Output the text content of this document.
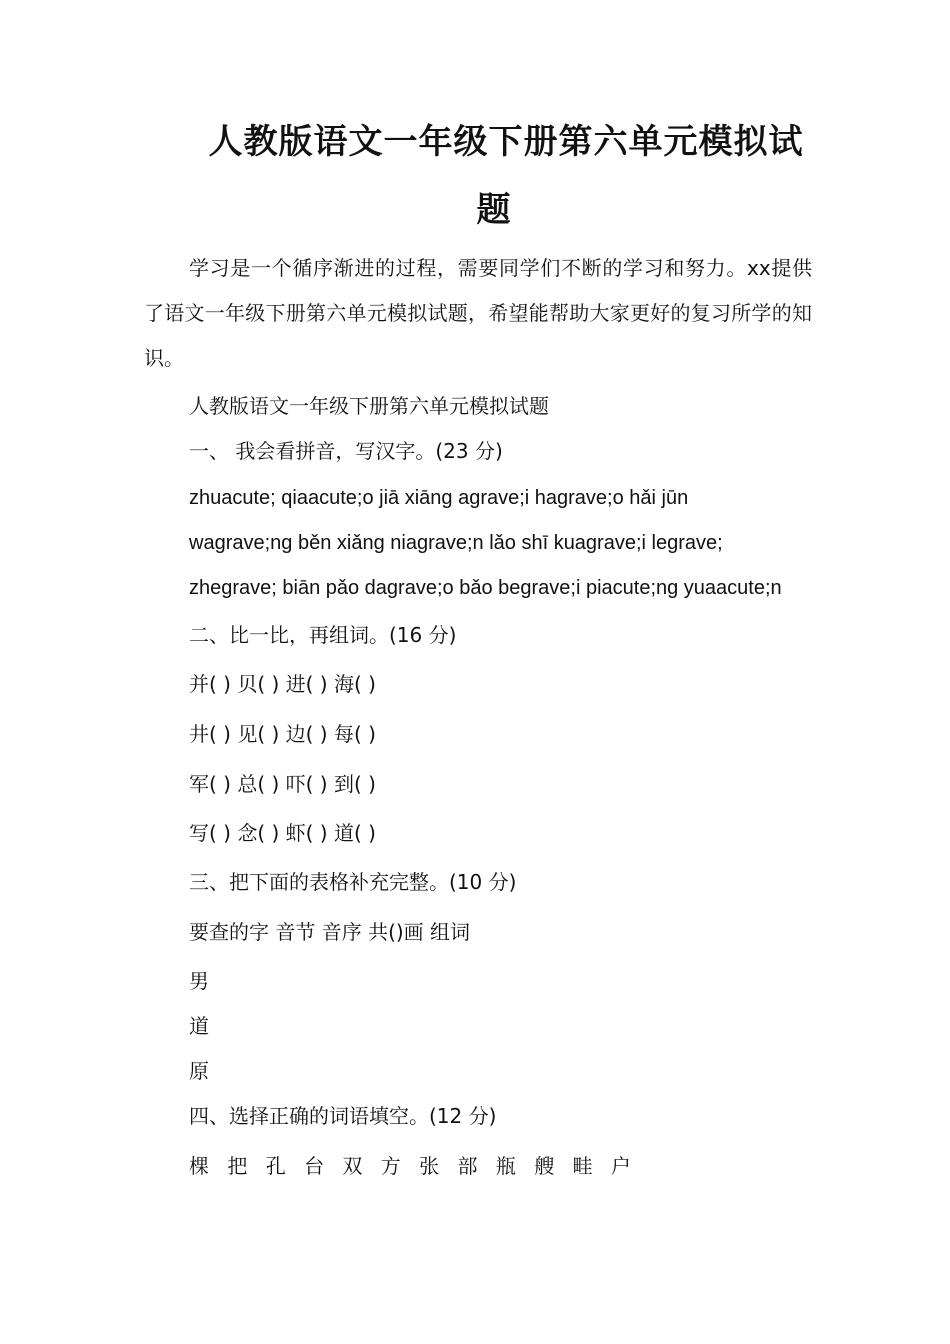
人教版语文一年级下册第六单元模拟试
题
学习是一个循序渐进的过程，需要同学们不断的学习和努力。xx提供了语文一年级下册第六单元模拟试题，希望能帮助大家更好的复习所学的知识。
人教版语文一年级下册第六单元模拟试题
一、 我会看拼音，写汉字。(23 分)
zhuacute; qiaacute;o jiā xiāng agrave;i hagrave;o hǎi jūn
wagrave;ng běn xiǎng niagrave;n lǎo shī kuagrave;i legrave;
zhegrave; biān pǎo dagrave;o bǎo begrave;i piacute;ng yuaacute;n
二、比一比，再组词。(16 分)
并( ) 贝( ) 进( ) 海( )
井( ) 见( ) 边( ) 每( )
军( ) 总( ) 吓( ) 到( )
写( ) 念( ) 虾( ) 道( )
三、把下面的表格补充完整。(10 分)
要查的字 音节 音序 共()画 组词
男
道
原
四、选择正确的词语填空。(12 分)
棵 把 孔 台 双 方 张 部 瓶 艘 畦 户
